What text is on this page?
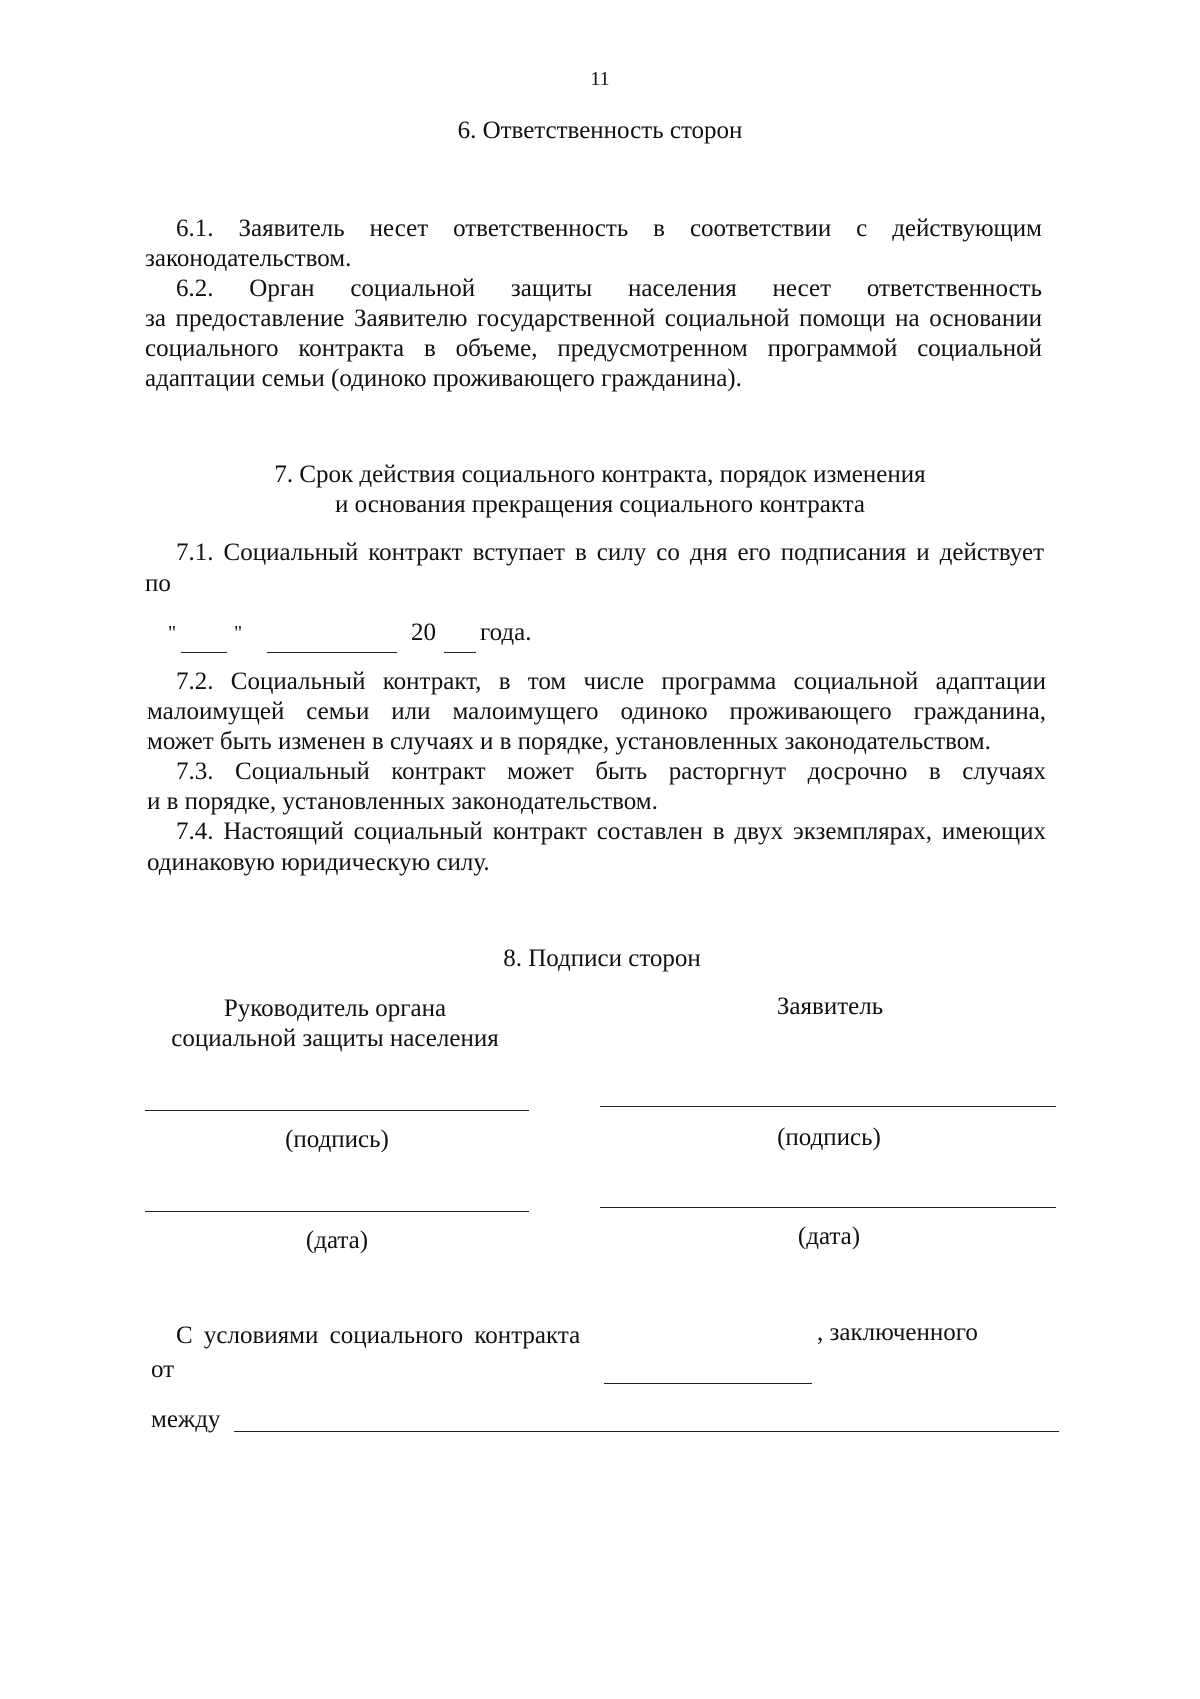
11
6. Ответственность сторон
6.1. Заявитель несет ответственность в соответствии с действующим
законодательством.
6.2. Орган социальной защиты населения несет ответственность
за предоставление Заявителю государственной социальной помощи на основании
социального контракта в объеме, предусмотренном программой социальной
адаптации семьи (одиноко проживающего гражданина).
7. Срок действия социального контракта, порядок изменения
и основания прекращения социального контракта
7.1. Социальный контракт вступает в силу со дня его подписания и действует
по
"	"	20 года.
7.2. Социальный контракт, в том числе программа социальной адаптации
малоимущей семьи или малоимущего одиноко проживающего гражданина,
может быть изменен в случаях и в порядке, установленных законодательством.
7.3. Социальный контракт может быть расторгнут досрочно в случаях
и в порядке, установленных законодательством.
7.4. Настоящий социальный контракт составлен в двух экземплярах, имеющих
одинаковую юридическую силу.
8. Подписи сторон
Руководитель органа
социальной защиты населения
Заявитель
(подпись)	(подпись)
(дата)	(дата)
С условиями социального контракта	, заключенного
от
между
